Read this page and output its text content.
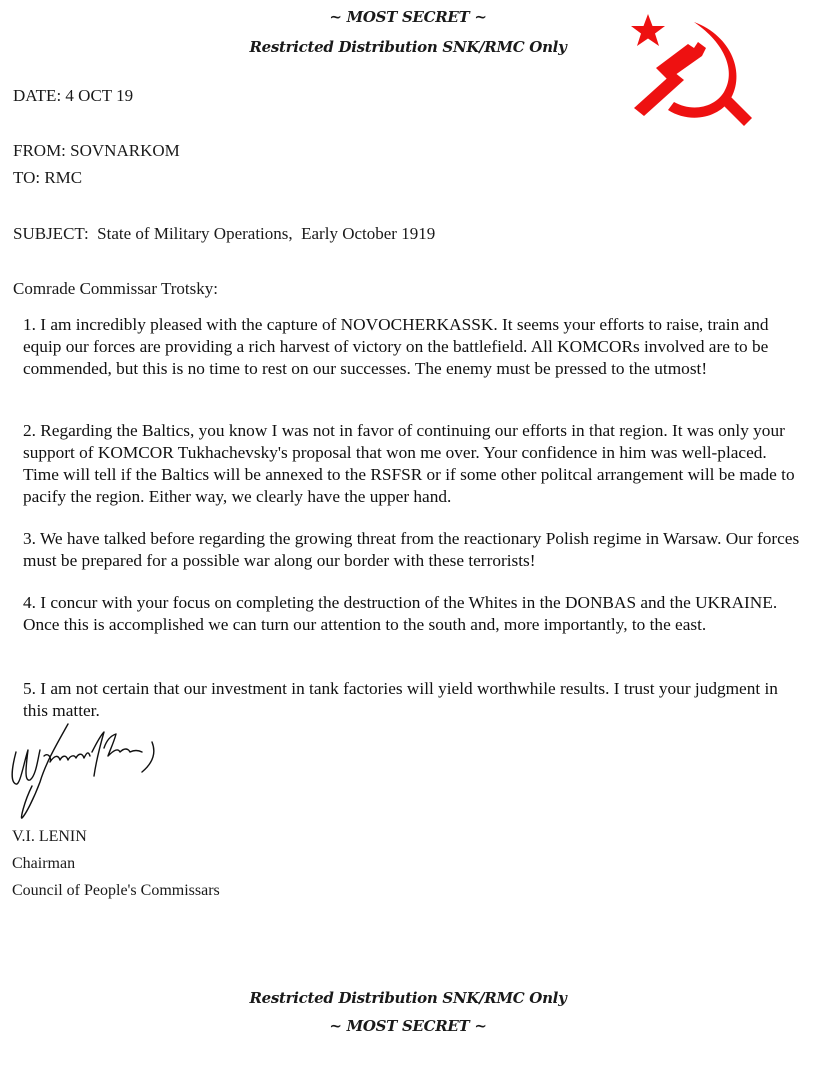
~ MOST SECRET ~
Restricted Distribution SNK/RMC Only
DATE: 4 OCT 19
FROM: SOVNARKOM
TO: RMC
SUBJECT: State of Military Operations,  Early October 1919
Comrade Commissar Trotsky:

1. I am incredibly pleased with the capture of NOVOCHERKASSK. It seems your efforts to raise, train and equip our forces are providing a rich harvest of victory on the battlefield. All KOMCORs involved are to be commended, but this is no time to rest on our successes. The enemy must be pressed to the utmost!

2. Regarding the Baltics, you know I was not in favor of continuing our efforts in that region. It was only your support of KOMCOR Tukhachevsky's proposal that won me over. Your confidence in him was well-placed. Time will tell if the Baltics will be annexed to the RSFSR or if some other politcal arrangement will be made to pacify the region. Either way, we clearly have the upper hand.

3. We have talked before regarding the growing threat from the reactionary Polish regime in Warsaw. Our forces must be prepared for a possible war along our border with these terrorists!

4. I concur with your focus on completing the destruction of the Whites in the DONBAS and the UKRAINE. Once this is accomplished we can turn our attention to the south and, more importantly, to the east.

5. I am not certain that our investment in tank factories will yield worthwhile results. I trust your judgment in this matter.

V.I. LENIN
Chairman
Council of People's Commissars
Restricted Distribution SNK/RMC Only
~ MOST SECRET ~
